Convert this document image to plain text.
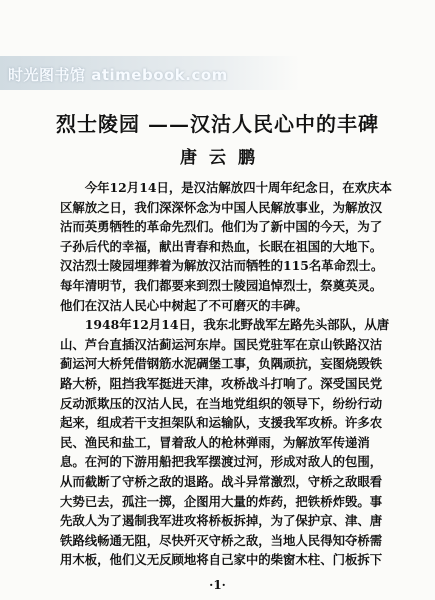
时光图书馆 atimebook.com
烈士陵园 ——汉沽人民心中的丰碑
唐云鹏
　　今年12月14日，是汉沽解放四十周年纪念日，在欢庆本
区解放之日，我们深深怀念为中国人民解放事业，为解放汉
沽而英勇牺牲的革命先烈们。他们为了新中国的今天，为了
子孙后代的幸福，献出青春和热血，长眠在祖国的大地下。
汉沽烈士陵园埋葬着为解放汉沽而牺牲的115名革命烈士。
每年清明节，我们都要来到烈士陵园追悼烈士，祭奠英灵。
他们在汉沽人民心中树起了不可磨灭的丰碑。
　　1948年12月14日，我东北野战军左路先头部队，从唐
山、芦台直插汉沽蓟运河东岸。国民党驻军在京山铁路汉沽
蓟运河大桥凭借钢筋水泥碉堡工事，负隅顽抗，妄图烧毁铁
路大桥，阻挡我军挺进天津，攻桥战斗打响了。深受国民党
反动派欺压的汉沽人民，在当地党组织的领导下，纷纷行动
起来，组成若干支担架队和运输队，支援我军攻桥。许多农
民、渔民和盐工，冒着敌人的枪林弹雨，为解放军传递消
息。在河的下游用船把我军摆渡过河，形成对敌人的包围，
从而截断了守桥之敌的退路。战斗异常激烈，守桥之敌眼看
大势已去，孤注一掷，企图用大量的炸药，把铁桥炸毁。事
先敌人为了遏制我军进攻将桥板拆掉，为了保护京、津、唐
铁路线畅通无阻，尽快歼灭守桥之敌，当地人民得知夺桥需
用木板，他们义无反顾地将自己家中的柴窗木柱、门板拆下
·1·
